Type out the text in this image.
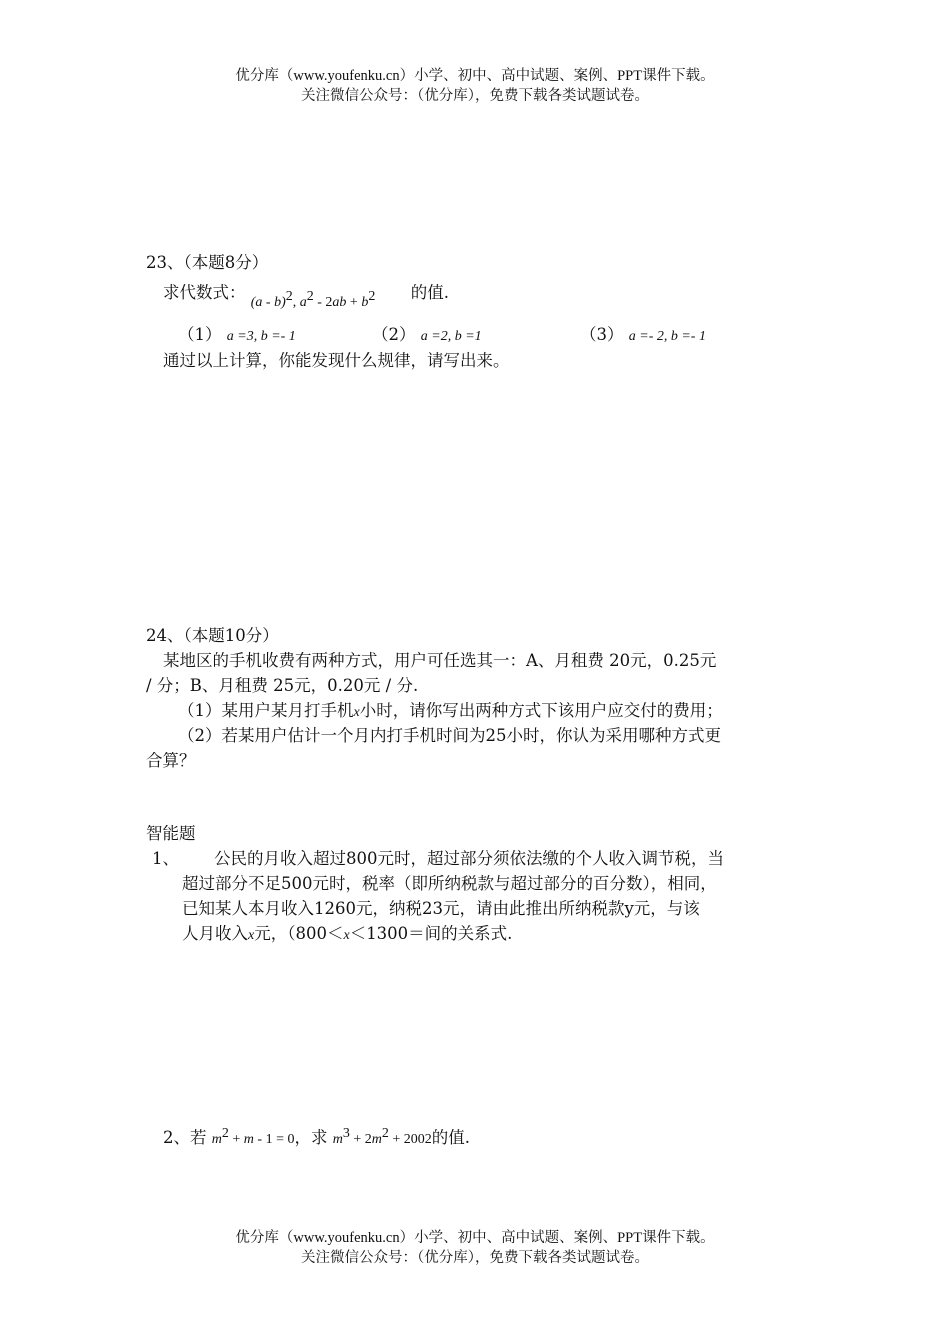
优分库（www.youfenku.cn）小学、初中、高中试题、案例、PPT课件下载。
关注微信公众号：（优分库），免费下载各类试题试卷。
23、（本题8分）
求代数式： (a - b)$^2$, $a^2 - 2ab + b^2$ 的值.
（1） a =3, b =- 1	（2） a =2, b =1	（3） a =- 2, b =- 1
通过以上计算，你能发现什么规律，请写出来。
24、（本题10分）
某地区的手机收费有两种方式，用户可任选其一：A、月租费 20元，0.25元
/ 分；B、月租费 25元，0.20元 / 分.
（1）某用户某月打手机x小时，请你写出两种方式下该用户应交付的费用；
（2）若某用户估计一个月内打手机时间为25小时，你认为采用哪种方式更
合算？
智能题
1、 公民的月收入超过800元时，超过部分须依法缴的个人收入调节税，当
超过部分不足500元时，税率（即所纳税款与超过部分的百分数），相同，
已知某人本月收入1260元，纳税23元，请由此推出所纳税款y元，与该
人月收入x元，（800＜x＜1300＝间的关系式.
2、若 $m^2 + m - 1 = 0$，求 $m^3 + 2m^2 + 2002$的值.
优分库（www.youfenku.cn）小学、初中、高中试题、案例、PPT课件下载。
关注微信公众号：（优分库），免费下载各类试题试卷。
